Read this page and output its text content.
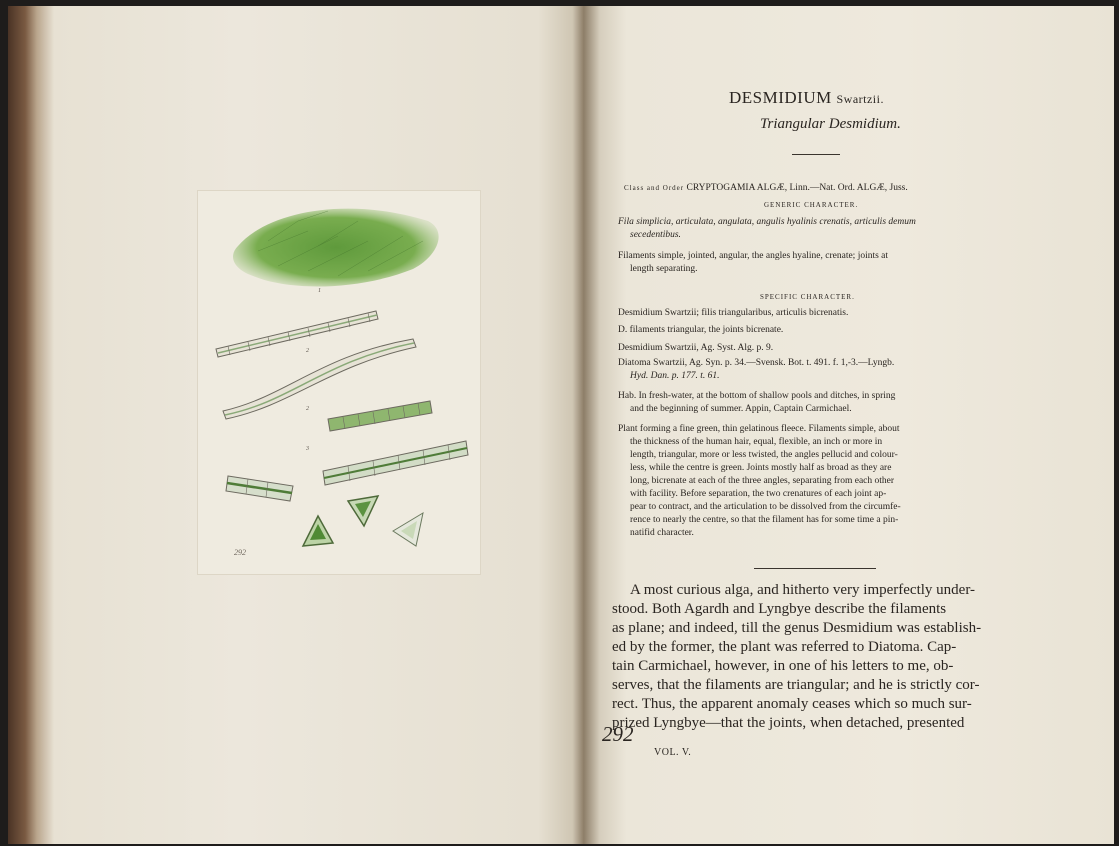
1
2
2
3
292
DESMIDIUM Swartzii.
Triangular Desmidium.
Class and Order CRYPTOGAMIA ALGÆ, Linn.—Nat. Ord. ALGÆ, Juss.
GENERIC CHARACTER.
Fila simplicia, articulata, angulata, angulis hyalinis crenatis, articulis demum
secedentibus.
Filaments simple, jointed, angular, the angles hyaline, crenate; joints at
length separating.
SPECIFIC CHARACTER.
Desmidium Swartzii; filis triangularibus, articulis bicrenatis.
D. filaments triangular, the joints bicrenate.
Desmidium Swartzii, Ag. Syst. Alg. p. 9.
Diatoma Swartzii, Ag. Syn. p. 34.—Svensk. Bot. t. 491. f. 1,-3.—Lyngb.
Hyd. Dan. p. 177. t. 61.
Hab. In fresh-water, at the bottom of shallow pools and ditches, in spring
and the beginning of summer. Appin, Captain Carmichael.
Plant forming a fine green, thin gelatinous fleece. Filaments simple, about
the thickness of the human hair, equal, flexible, an inch or more in
length, triangular, more or less twisted, the angles pellucid and colour-
less, while the centre is green. Joints mostly half as broad as they are
long, bicrenate at each of the three angles, separating from each other
with facility. Before separation, the two crenatures of each joint ap-
pear to contract, and the articulation to be dissolved from the circumfe-
rence to nearly the centre, so that the filament has for some time a pin-
natifid character.
A most curious alga, and hitherto very imperfectly under-
stood. Both Agardh and Lyngbye describe the filaments
as plane; and indeed, till the genus Desmidium was establish-
ed by the former, the plant was referred to Diatoma. Cap-
tain Carmichael, however, in one of his letters to me, ob-
serves, that the filaments are triangular; and he is strictly cor-
rect. Thus, the apparent anomaly ceases which so much sur-
prized Lyngbye—that the joints, when detached, presented
292
VOL. V.
